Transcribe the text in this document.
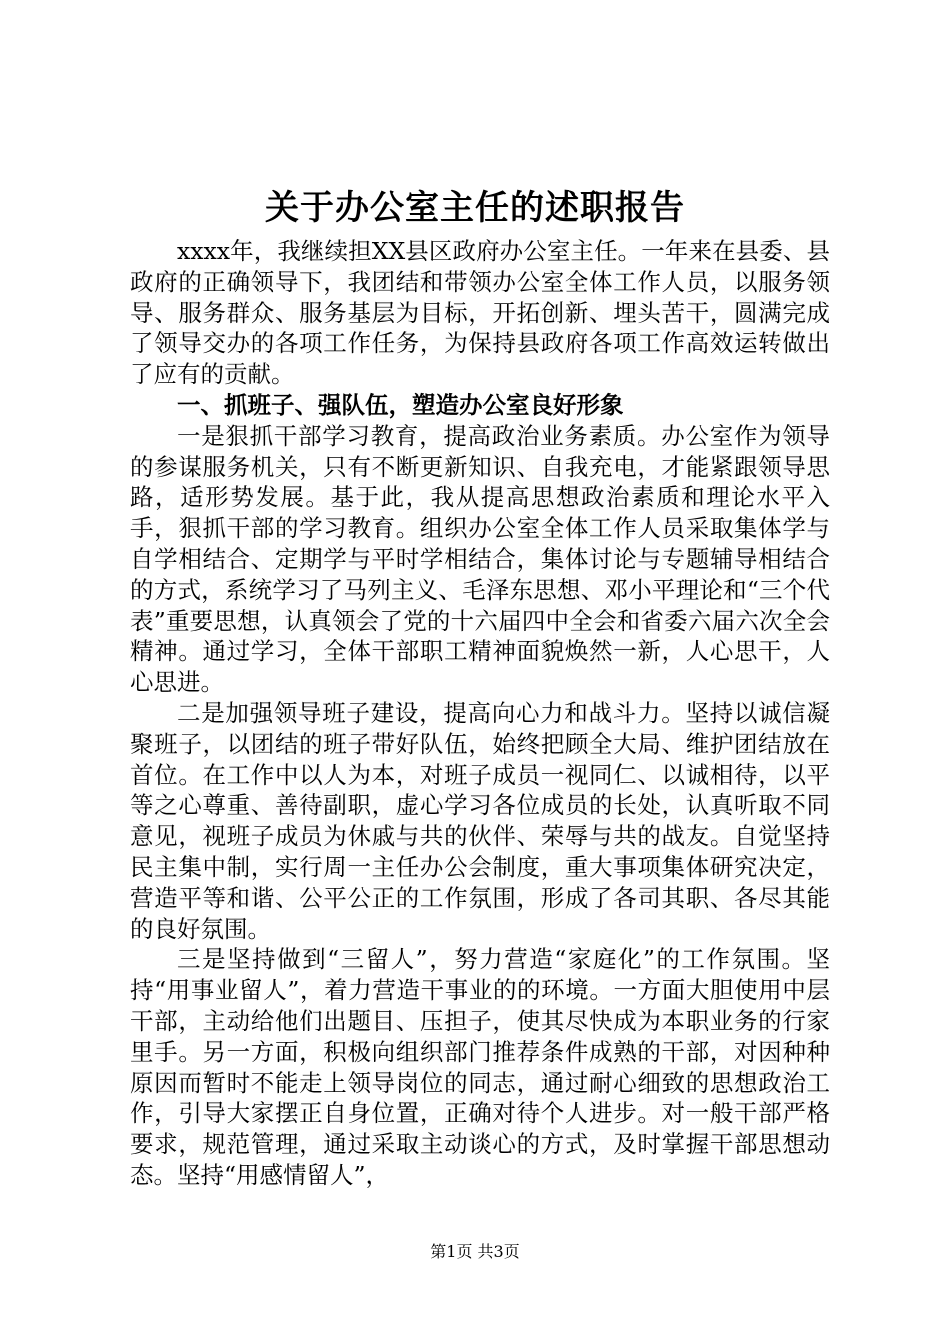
关于办公室主任的述职报告

xxxx年，我继续担XX县区政府办公室主任。一年来在县委、县政府的正确领导下，我团结和带领办公室全体工作人员，以服务领导、服务群众、服务基层为目标，开拓创新、埋头苦干，圆满完成了领导交办的各项工作任务，为保持县政府各项工作高效运转做出了应有的贡献。

一、抓班子、强队伍，塑造办公室良好形象

一是狠抓干部学习教育，提高政治业务素质。办公室作为领导的参谋服务机关，只有不断更新知识、自我充电，才能紧跟领导思路，适形势发展。基于此，我从提高思想政治素质和理论水平入手，狠抓干部的学习教育。组织办公室全体工作人员采取集体学与自学相结合、定期学与平时学相结合，集体讨论与专题辅导相结合的方式，系统学习了马列主义、毛泽东思想、邓小平理论和“三个代表”重要思想，认真领会了党的十六届四中全会和省委六届六次全会精神。通过学习，全体干部职工精神面貌焕然一新，人心思干，人心思进。

二是加强领导班子建设，提高向心力和战斗力。坚持以诚信凝聚班子，以团结的班子带好队伍，始终把顾全大局、维护团结放在首位。在工作中以人为本，对班子成员一视同仁、以诚相待，以平等之心尊重、善待副职，虚心学习各位成员的长处，认真听取不同意见，视班子成员为休戚与共的伙伴、荣辱与共的战友。自觉坚持民主集中制，实行周一主任办公会制度，重大事项集体研究决定，营造平等和谐、公平公正的工作氛围，形成了各司其职、各尽其能的良好氛围。

三是坚持做到“三留人”，努力营造“家庭化”的工作氛围。坚持“用事业留人”，着力营造干事业的的环境。一方面大胆使用中层干部，主动给他们出题目、压担子，使其尽快成为本职业务的行家里手。另一方面，积极向组织部门推荐条件成熟的干部，对因种种原因而暂时不能走上领导岗位的同志，通过耐心细致的思想政治工作，引导大家摆正自身位置，正确对待个人进步。对一般干部严格要求，规范管理，通过采取主动谈心的方式，及时掌握干部思想动态。坚持“用感情留人”，

第1页 共3页
